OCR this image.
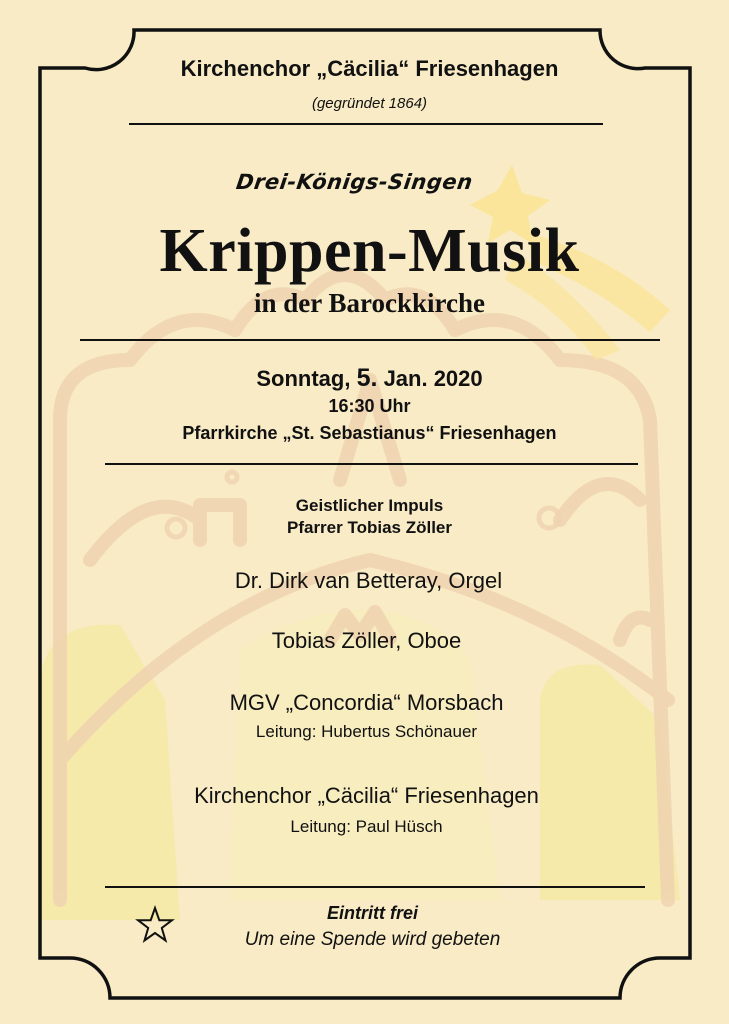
Kirchenchor „Cäcilia“ Friesenhagen
(gegründet 1864)
Drei-Königs-Singen
Krippen-Musik
in der Barockkirche
Sonntag, 5. Jan. 2020
16:30 Uhr
Pfarrkirche „St. Sebastianus“ Friesenhagen
Geistlicher Impuls
Pfarrer Tobias Zöller
Dr. Dirk van Betteray, Orgel
Tobias Zöller, Oboe
MGV „Concordia“ Morsbach
Leitung: Hubertus Schönauer
Kirchenchor „Cäcilia“ Friesenhagen
Leitung: Paul Hüsch
Eintritt frei
Um eine Spende wird gebeten
